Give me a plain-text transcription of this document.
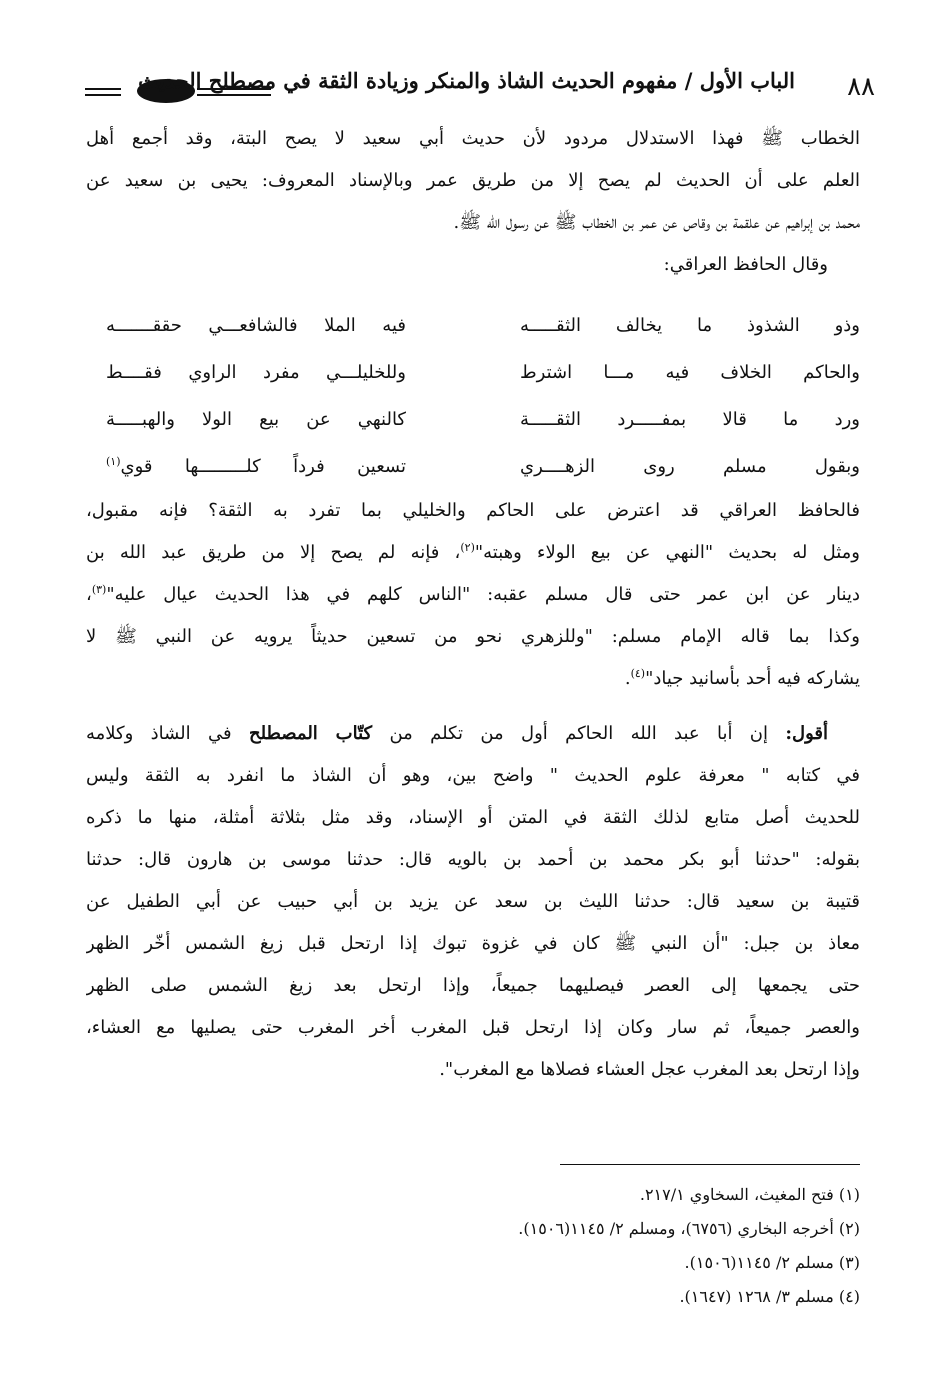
٨٨
الباب الأول / مفهوم الحديث الشاذ والمنكر وزيادة الثقة في مصطلح الحديث
الخطاب ﷺ فهذا الاستدلال مردود لأن حديث أبي سعيد لا يصح البتة، وقد أجمع أهل
العلم على أن الحديث لم يصح إلا من طريق عمر وبالإسناد المعروف: يحيى بن سعيد عن
محمد بن إبراهيم عن علقمة بن وقاص عن عمر بن الخطاب ﷺ عن رسول الله ﷺ.
وقال الحافظ العراقي:
وذو الشذوذ ما يخالف الثقـــــه
فيه الملا فالشافعـــي حققـــــــه
والحاكم الخلاف فيه مـــا اشترط
وللخليلـــي مفرد الراوي فقــــط
ورد ما قالا بمفـــــرد الثقـــــة
كالنهي عن بيع الولا والهبـــــة
وبقول مسلم روى الزهــــري
تسعين فرداً كلـــــــــها قوي$^{(١)}$
فالحافظ العراقي قد اعترض على الحاكم والخليلي بما تفرد به الثقة؟ فإنه مقبول،
ومثل له بحديث "النهي عن بيع الولاء وهبته"$^{(٢)}$، فإنه لم يصح إلا من طريق عبد الله بن
دينار عن ابن عمر حتى قال مسلم عقبه: "الناس كلهم في هذا الحديث عيال عليه"$^{(٣)}$،
وكذا بما قاله الإمام مسلم: "وللزهري نحو من تسعين حديثاً يرويه عن النبي ﷺ لا
يشاركه فيه أحد بأسانيد جياد"$^{(٤)}$.
أقول: إن أبا عبد الله الحاكم أول من تكلم من كتّاب المصطلح في الشاذ وكلامه
في كتابه " معرفة علوم الحديث " واضح بين، وهو أن الشاذ ما انفرد به الثقة وليس
للحديث أصل متابع لذلك الثقة في المتن أو الإسناد، وقد مثل بثلاثة أمثلة، منها ما ذكره
بقوله: "حدثنا أبو بكر محمد بن أحمد بن بالويه قال: حدثنا موسى بن هارون قال: حدثنا
قتيبة بن سعيد قال: حدثنا الليث بن سعد عن يزيد بن أبي حبيب عن أبي الطفيل عن
معاذ بن جبل: "أن النبي ﷺ كان في غزوة تبوك إذا ارتحل قبل زيغ الشمس أخّر الظهر
حتى يجمعها إلى العصر فيصليهما جميعاً، وإذا ارتحل بعد زيغ الشمس صلى الظهر
والعصر جميعاً، ثم سار وكان إذا ارتحل قبل المغرب أخر المغرب حتى يصليها مع العشاء،
وإذا ارتحل بعد المغرب عجل العشاء فصلاها مع المغرب".
(١) فتح المغيث، السخاوي ٢١٧/١.
(٢) أخرجه البخاري (٦٧٥٦)، ومسلم ٢/ ١١٤٥(١٥٠٦).
(٣) مسلم ٢/ ١١٤٥(١٥٠٦).
(٤) مسلم ٣/ ١٢٦٨ (١٦٤٧).
